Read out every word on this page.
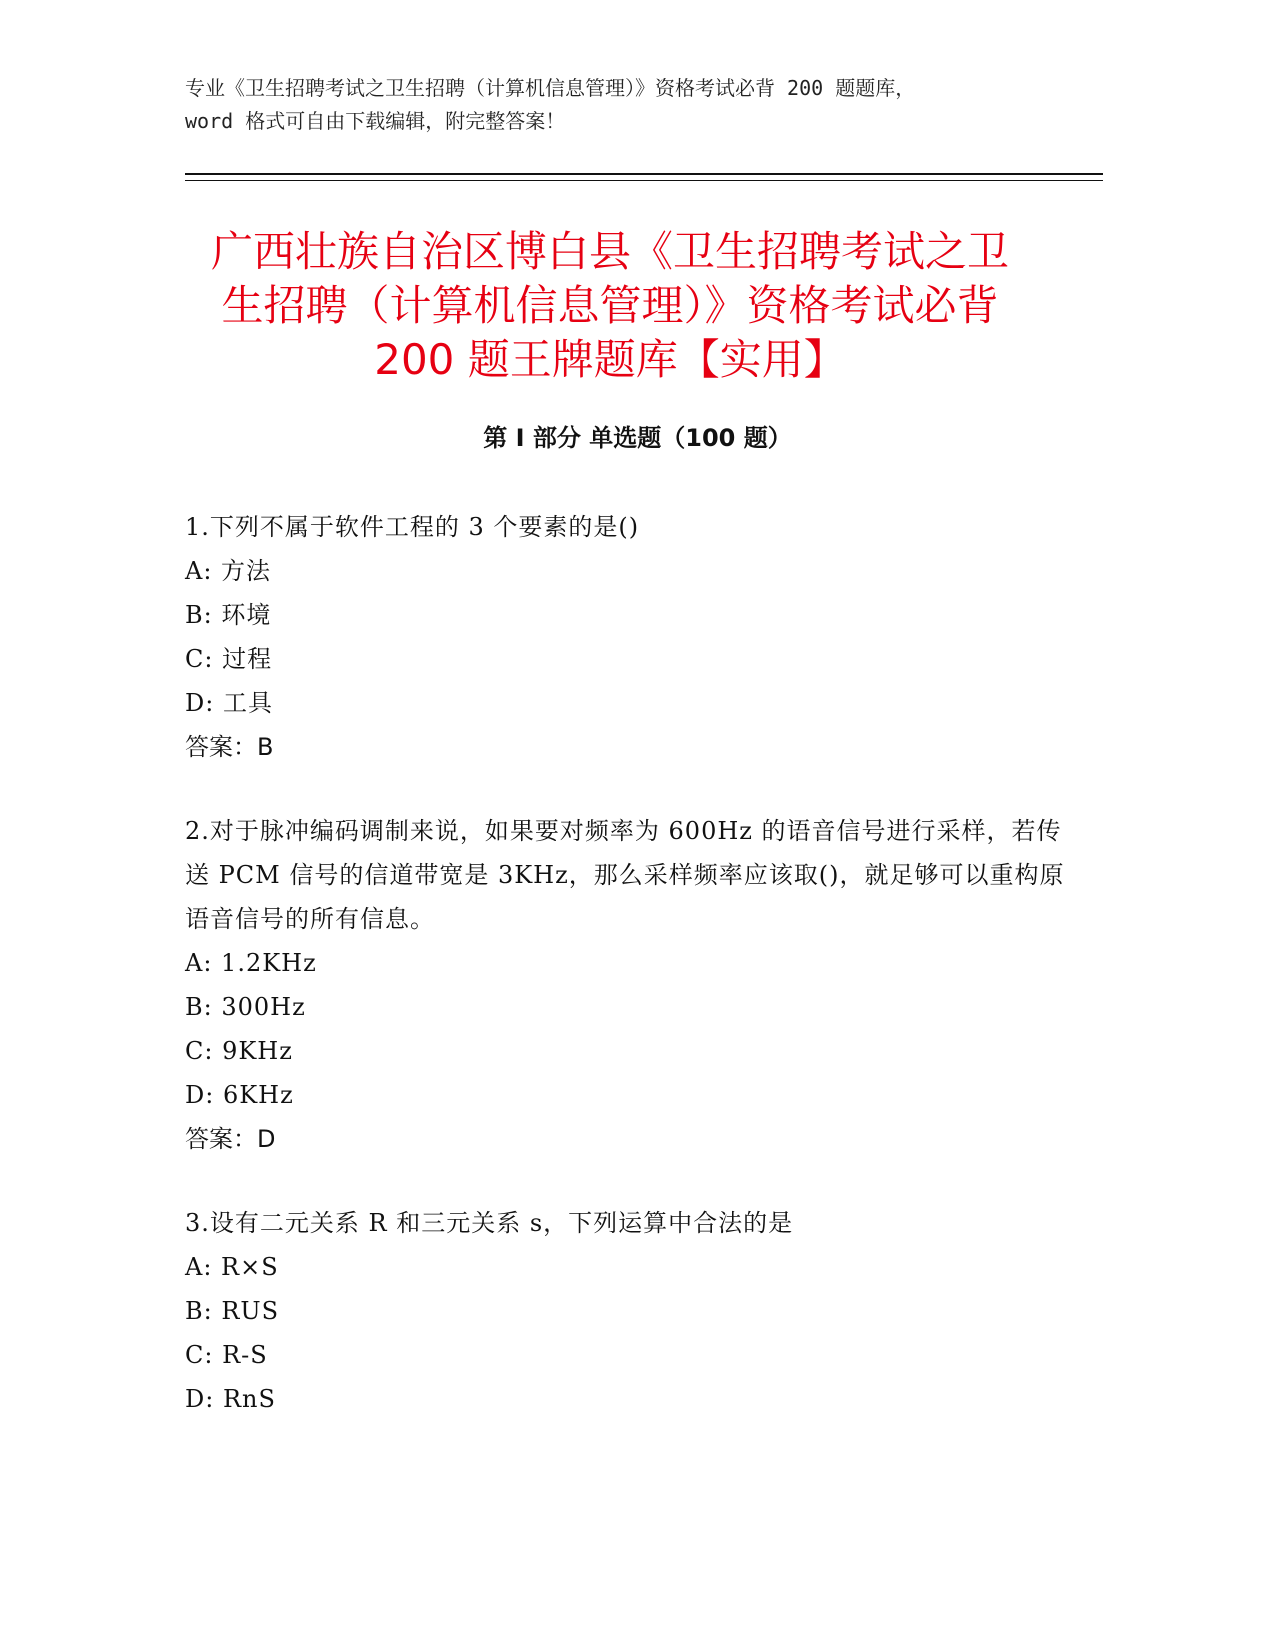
专业《卫生招聘考试之卫生招聘（计算机信息管理）》资格考试必背 200 题题库，
word 格式可自由下载编辑，附完整答案！
广西壮族自治区博白县《卫生招聘考试之卫
生招聘（计算机信息管理）》资格考试必背
200 题王牌题库【实用】
第 I 部分 单选题（100 题）
1.下列不属于软件工程的 3 个要素的是()
A: 方法
B: 环境
C: 过程
D: 工具
答案：B
2.对于脉冲编码调制来说，如果要对频率为 600Hz 的语音信号进行采样，若传送 PCM 信号的信道带宽是 3KHz，那么采样频率应该取()，就足够可以重构原语音信号的所有信息。
A: 1.2KHz
B: 300Hz
C: 9KHz
D: 6KHz
答案：D
3.设有二元关系 R 和三元关系 s，下列运算中合法的是
A: R×S
B: RUS
C: R-S
D: RnS
